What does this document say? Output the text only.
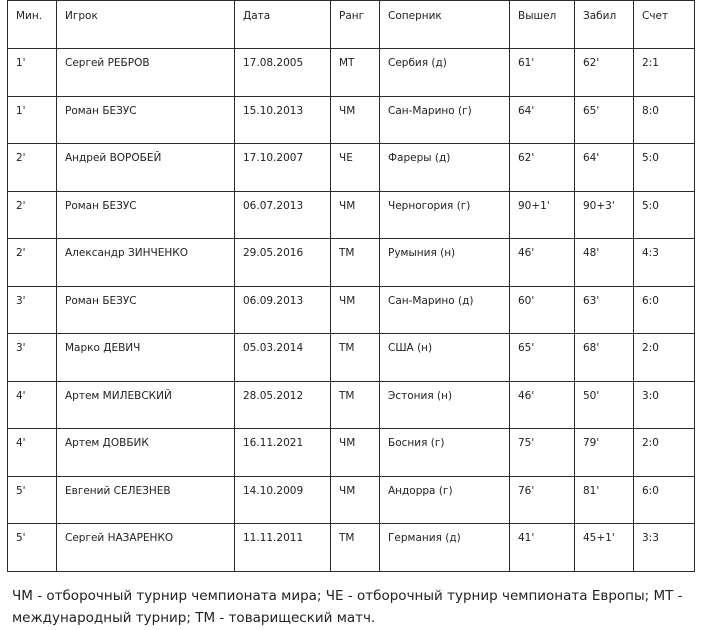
Мин.	Игрок	Дата	Ранг	Соперник	Вышел	Забил	Счет
1'	Сергей РЕБРОВ	17.08.2005	МТ	Сербия (д)	61'	62'	2:1
1'	Роман БЕЗУС	15.10.2013	ЧМ	Сан-Марино (г)	64'	65'	8:0
2'	Андрей ВОРОБЕЙ	17.10.2007	ЧЕ	Фареры (д)	62'	64'	5:0
2'	Роман БЕЗУС	06.07.2013	ЧМ	Черногория (г)	90+1'	90+3'	5:0
2'	Александр ЗИНЧЕНКО	29.05.2016	ТМ	Румыния (н)	46'	48'	4:3
3'	Роман БЕЗУС	06.09.2013	ЧМ	Сан-Марино (д)	60'	63'	6:0
3'	Марко ДЕВИЧ	05.03.2014	ТМ	США (н)	65'	68'	2:0
4'	Артем МИЛЕВСКИЙ	28.05.2012	ТМ	Эстония (н)	46'	50'	3:0
4'	Артем ДОВБИК	16.11.2021	ЧМ	Босния (г)	75'	79'	2:0
5'	Евгений СЕЛЕЗНЕВ	14.10.2009	ЧМ	Андорра (г)	76'	81'	6:0
5'	Сергей НАЗАРЕНКО	11.11.2011	ТМ	Германия (д)	41'	45+1'	3:3
ЧМ - отборочный турнир чемпионата мира; ЧЕ - отборочный турнир чемпионата Европы; МТ - международный турнир; ТМ - товарищеский матч.
